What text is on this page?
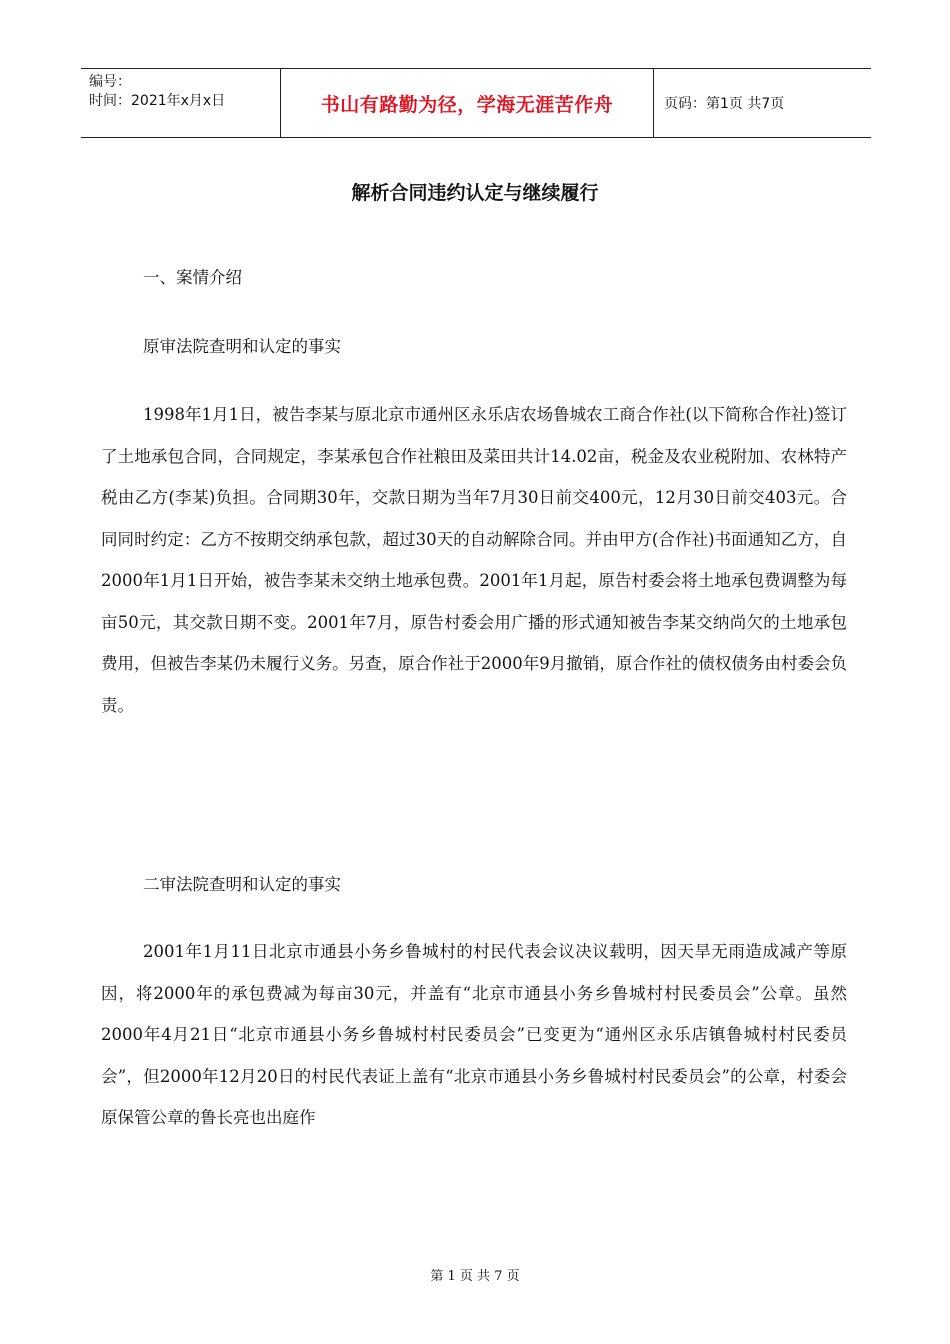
编号：
时间：2021年x月x日	书山有路勤为径，学海无涯苦作舟	页码：第1页 共7页
解析合同违约认定与继续履行

一、案情介绍

原审法院查明和认定的事实

1998年1月1日，被告李某与原北京市通州区永乐店农场鲁城农工商合作社(以下简称合作社)签订了土地承包合同，合同规定，李某承包合作社粮田及菜田共计14.02亩，税金及农业税附加、农林特产税由乙方(李某)负担。合同期30年，交款日期为当年7月30日前交400元，12月30日前交403元。合同同时约定：乙方不按期交纳承包款，超过30天的自动解除合同。并由甲方(合作社)书面通知乙方，自2000年1月1日开始，被告李某未交纳土地承包费。2001年1月起，原告村委会将土地承包费调整为每亩50元，其交款日期不变。2001年7月，原告村委会用广播的形式通知被告李某交纳尚欠的土地承包费用，但被告李某仍未履行义务。另查，原合作社于2000年9月撤销，原合作社的债权债务由村委会负责。

二审法院查明和认定的事实

2001年1月11日北京市通县小务乡鲁城村的村民代表会议决议载明，因天旱无雨造成减产等原因，将2000年的承包费减为每亩30元，并盖有“北京市通县小务乡鲁城村村民委员会”公章。虽然2000年4月21日“北京市通县小务乡鲁城村村民委员会”已变更为“通州区永乐店镇鲁城村村民委员会”，但2000年12月20日的村民代表证上盖有“北京市通县小务乡鲁城村村民委员会”的公章，村委会原保管公章的鲁长亮也出庭作

第 1 页 共 7 页
